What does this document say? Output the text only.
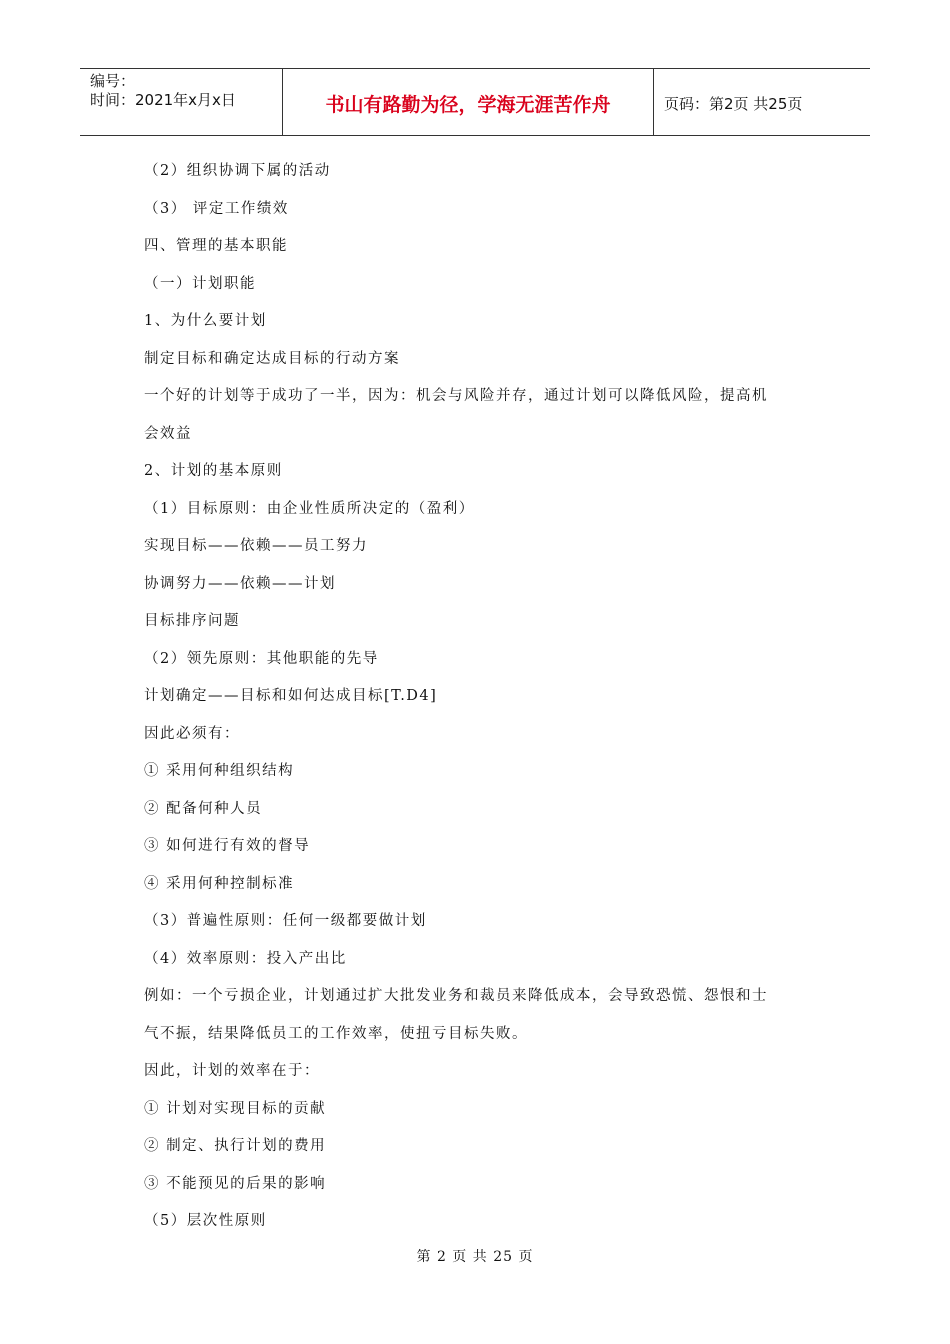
编号：
时间：2021年x月x日	书山有路勤为径，学海无涯苦作舟	页码：第2页 共25页
（2）组织协调下属的活动
（3） 评定工作绩效
四、管理的基本职能
（一）计划职能
1、为什么要计划
制定目标和确定达成目标的行动方案
一个好的计划等于成功了一半，因为：机会与风险并存，通过计划可以降低风险，提高机
会效益
2、计划的基本原则
（1）目标原则：由企业性质所决定的（盈利）
实现目标——依赖——员工努力
协调努力——依赖——计划
目标排序问题
（2）领先原则：其他职能的先导
计划确定——目标和如何达成目标[T.D4]
因此必须有：
① 采用何种组织结构
② 配备何种人员
③ 如何进行有效的督导
④ 采用何种控制标准
（3）普遍性原则：任何一级都要做计划
（4）效率原则：投入产出比
例如：一个亏损企业，计划通过扩大批发业务和裁员来降低成本，会导致恐慌、怨恨和士
气不振，结果降低员工的工作效率，使扭亏目标失败。
因此，计划的效率在于：
① 计划对实现目标的贡献
② 制定、执行计划的费用
③ 不能预见的后果的影响
（5）层次性原则
第 2 页 共 25 页
